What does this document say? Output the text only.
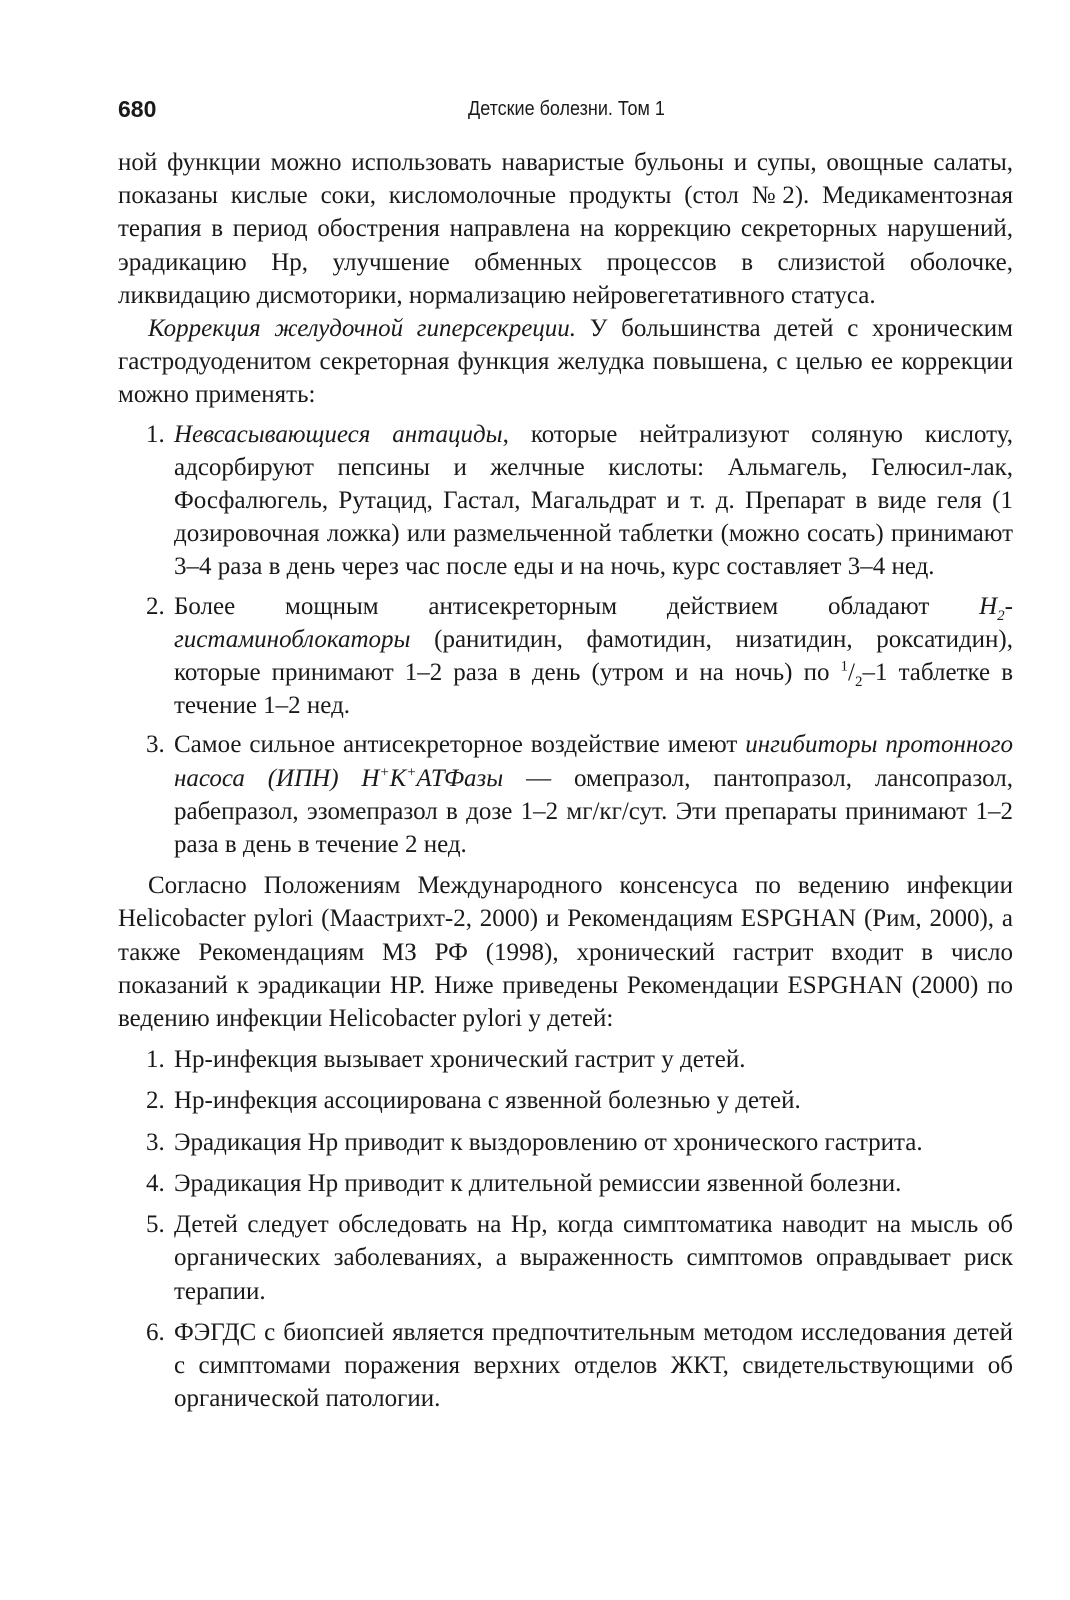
680	Детские болезни. Том 1

ной функции можно использовать наваристые бульоны и супы, овощные салаты, показаны кислые соки, кисломолочные продукты (стол №2). Медикаментозная терапия в период обострения направлена на коррекцию секреторных нарушений, эрадикацию Нр, улучшение обменных процессов в слизистой оболочке, ликвидацию дисмоторики, нормализацию нейровегетативного статуса.

Коррекция желудочной гиперсекреции. У большинства детей с хроническим гастродуоденитом секреторная функция желудка повышена, с целью ее коррекции можно применять:

1. Невсасывающиеся антациды, которые нейтрализуют соляную кислоту, адсорбируют пепсины и желчные кислоты: Альмагель, Гелюсил-лак, Фосфалюгель, Рутацид, Гастал, Магальдрат и т. д. Препарат в виде геля (1 дозировочная ложка) или размельченной таблетки (можно сосать) принимают 3–4 раза в день через час после еды и на ночь, курс составляет 3–4 нед.
2. Более мощным антисекреторным действием обладают $H_2$-гистаминоблокаторы (ранитидин, фамотидин, низатидин, роксатидин), которые принимают 1–2 раза в день (утром и на ночь) по $^1/_2-1$ таблетке в течение 1–2 нед.
3. Самое сильное антисекреторное воздействие имеют ингибиторы протонного насоса (ИПН) H+K+АТФазы — омепразол, пантопразол, лансопразол, рабепразол, эзомепразол в дозе 1–2 мг/кг/сут. Эти препараты принимают 1–2 раза в день в течение 2 нед.

Согласно Положениям Международного консенсуса по ведению инфекции Helicobacter pylori (Маастрихт-2, 2000) и Рекомендациям ESPGHAN (Рим, 2000), а также Рекомендациям МЗ РФ (1998), хронический гастрит входит в число показаний к эрадикации HP. Ниже приведены Рекомендации ESPGHAN (2000) по ведению инфекции Helicobacter pylori у детей:

1. Нр-инфекция вызывает хронический гастрит у детей.
2. Нр-инфекция ассоциирована с язвенной болезнью у детей.
3. Эрадикация Нр приводит к выздоровлению от хронического гастрита.
4. Эрадикация Нр приводит к длительной ремиссии язвенной болезни.
5. Детей следует обследовать на Нр, когда симптоматика наводит на мысль об органических заболеваниях, а выраженность симптомов оправдывает риск терапии.
6. ФЭГДС с биопсией является предпочтительным методом исследования детей с симптомами поражения верхних отделов ЖКТ, свидетельствующими об органической патологии.
